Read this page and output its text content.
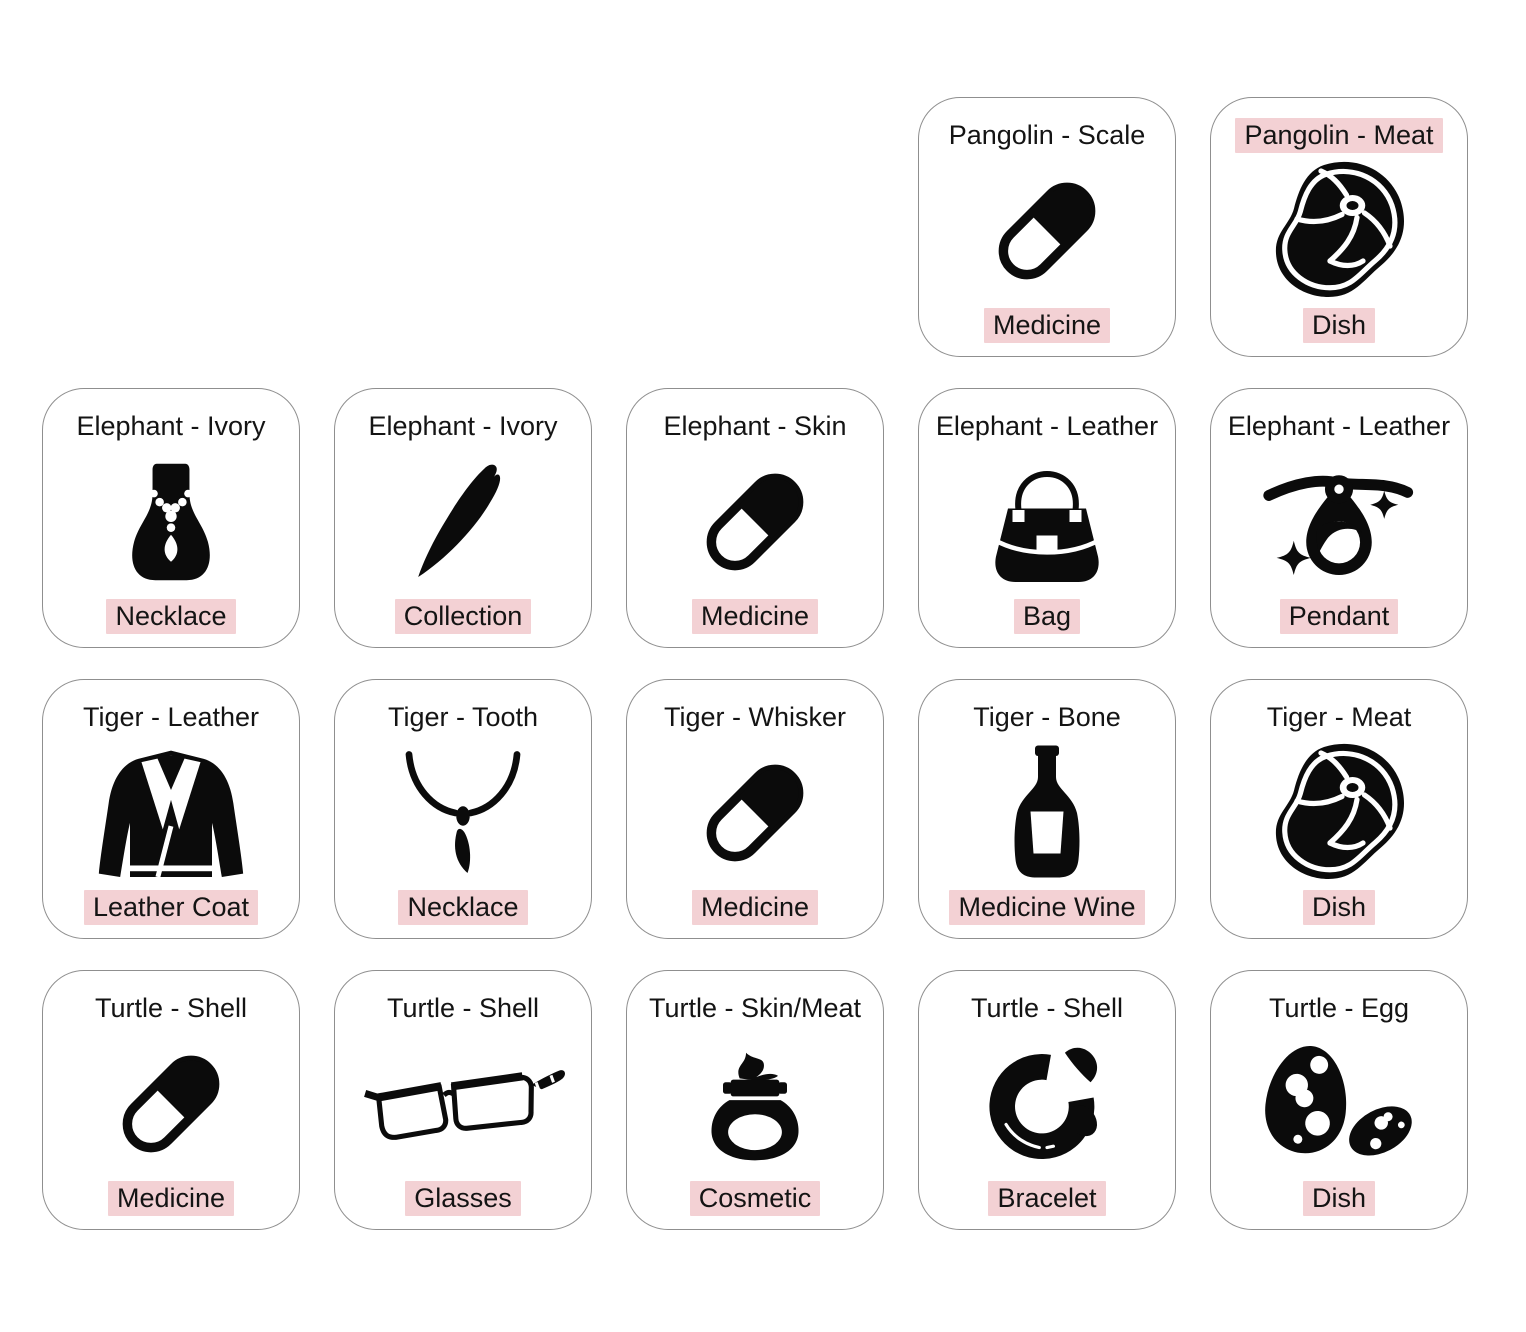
Pangolin - Scale
Medicine
Pangolin - Meat
Dish
Elephant - Ivory
Necklace
Elephant - Ivory
Collection
Elephant - Skin
Medicine
Elephant - Leather
Bag
Elephant - Leather
Pendant
Tiger - Leather
Leather Coat
Tiger - Tooth
Necklace
Tiger - Whisker
Medicine
Tiger - Bone
Medicine Wine
Tiger - Meat
Dish
Turtle - Shell
Medicine
Turtle - Shell
Glasses
Turtle - Skin/Meat
Cosmetic
Turtle - Shell
Bracelet
Turtle - Egg
Dish
